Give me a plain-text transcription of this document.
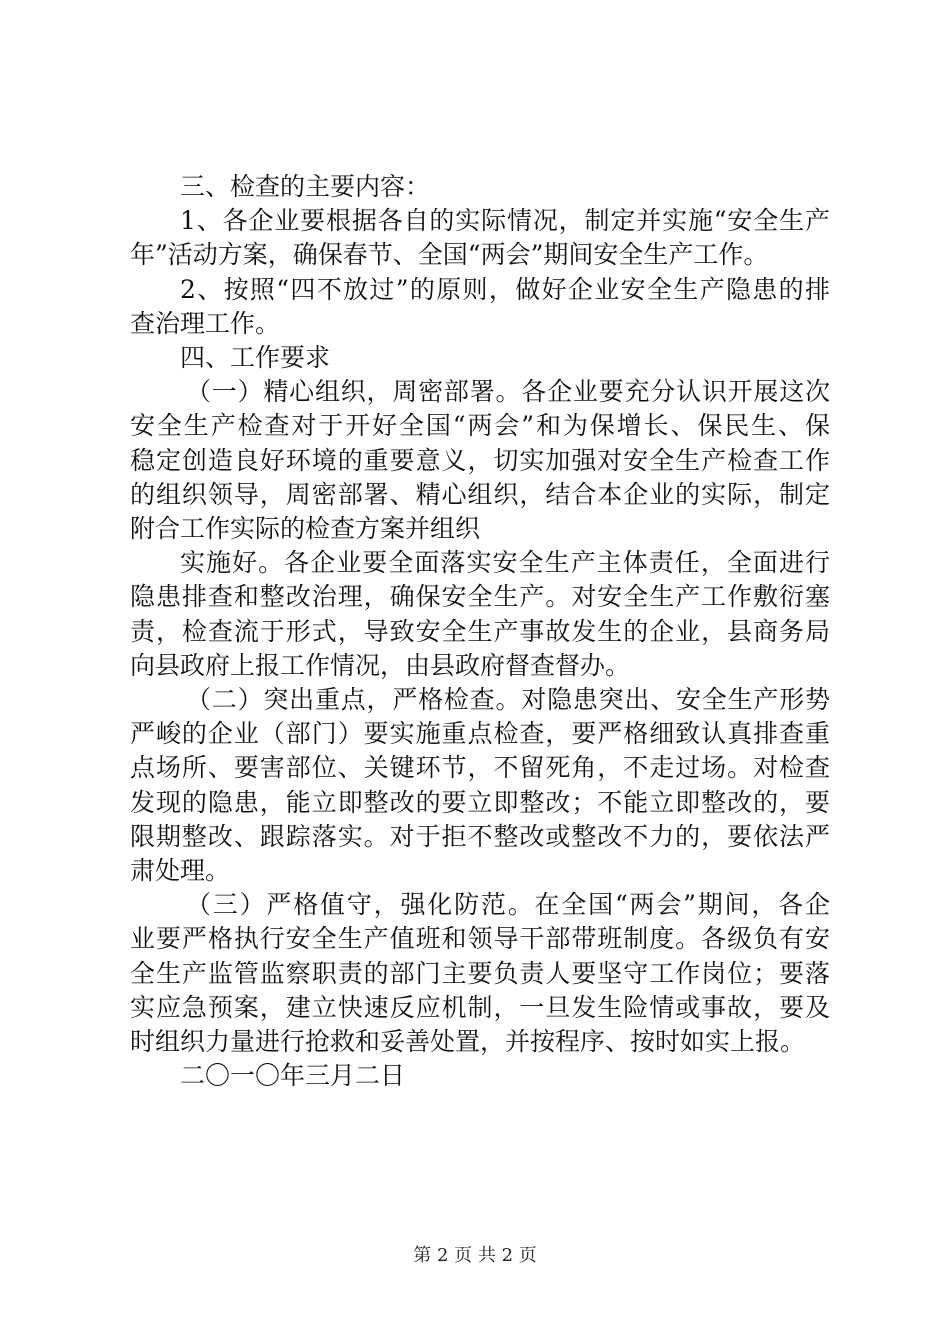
三、检查的主要内容：

1、各企业要根据各自的实际情况，制定并实施“安全生产

年”活动方案，确保春节、全国“两会”期间安全生产工作。

2、按照“四不放过”的原则，做好企业安全生产隐患的排

查治理工作。

四、工作要求

（一）精心组织，周密部署。各企业要充分认识开展这次

安全生产检查对于开好全国“两会”和为保增长、保民生、保

稳定创造良好环境的重要意义，切实加强对安全生产检查工作

的组织领导，周密部署、精心组织，结合本企业的实际，制定

附合工作实际的检查方案并组织

实施好。各企业要全面落实安全生产主体责任，全面进行

隐患排查和整改治理，确保安全生产。对安全生产工作敷衍塞

责，检查流于形式，导致安全生产事故发生的企业，县商务局

向县政府上报工作情况，由县政府督查督办。

（二）突出重点，严格检查。对隐患突出、安全生产形势

严峻的企业（部门）要实施重点检查，要严格细致认真排查重

点场所、要害部位、关键环节，不留死角，不走过场。对检查

发现的隐患，能立即整改的要立即整改；不能立即整改的，要

限期整改、跟踪落实。对于拒不整改或整改不力的，要依法严

肃处理。

（三）严格值守，强化防范。在全国“两会”期间，各企

业要严格执行安全生产值班和领导干部带班制度。各级负有安

全生产监管监察职责的部门主要负责人要坚守工作岗位；要落

实应急预案，建立快速反应机制，一旦发生险情或事故，要及

时组织力量进行抢救和妥善处置，并按程序、按时如实上报。

二〇一〇年三月二日

第 2 页 共 2 页
